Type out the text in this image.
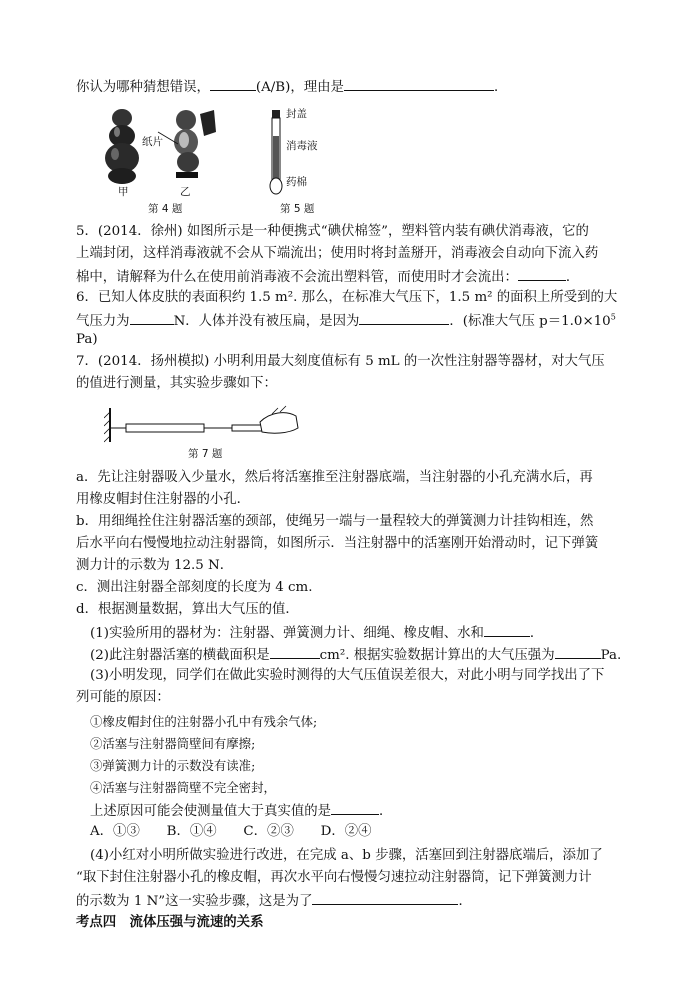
你认为哪种猜想错误，	(A/B)，理由是	．
纸片
甲	乙
第 4 题
封盖
消毒液
药棉
第 5 题
5．(2014．徐州) 如图所示是一种便携式“碘伏棉签”，塑料管内装有碘伏消毒液，它的
上端封闭，这样消毒液就不会从下端流出；使用时将封盖掰开，消毒液会自动向下流入药
棉中，请解释为什么在使用前消毒液不会流出塑料管，而使用时才会流出：	．
6．已知人体皮肤的表面积约 1.5 m². 那么，在标准大气压下，1.5 m² 的面积上所受到的大
气压力为	N．人体并没有被压扁，是因为	．(标准大气压 $p=1.0\times 10^5$
Pa)
7．(2014．扬州模拟) 小明利用最大刻度值标有 5 mL 的一次性注射器等器材，对大气压
的值进行测量，其实验步骤如下：
第 7 题
a．先让注射器吸入少量水，然后将活塞推至注射器底端，当注射器的小孔充满水后，再
用橡皮帽封住注射器的小孔．
b．用细绳拴住注射器活塞的颈部，使绳另一端与一量程较大的弹簧测力计挂钩相连，然
后水平向右慢慢地拉动注射器筒，如图所示．当注射器中的活塞刚开始滑动时，记下弹簧
测力计的示数为 12.5 N．
c．测出注射器全部刻度的长度为 4 cm.
d．根据测量数据，算出大气压的值．
(1)实验所用的器材为：注射器、弹簧测力计、细绳、橡皮帽、水和	．
(2)此注射器活塞的横截面积是	cm². 根据实验数据计算出的大气压强为	Pa.
(3)小明发现，同学们在做此实验时测得的大气压值误差很大，对此小明与同学找出了下
列可能的原因：
①橡皮帽封住的注射器小孔中有残余气体;
②活塞与注射器筒壁间有摩擦;
③弹簧测力计的示数没有读准;
④活塞与注射器筒壁不完全密封，
上述原因可能会使测量值大于真实值的是	．
A．①③　　B．①④　　C．②③　　D．②④
(4)小红对小明所做实验进行改进，在完成 a、b 步骤，活塞回到注射器底端后，添加了
“取下封住注射器小孔的橡皮帽，再次水平向右慢慢匀速拉动注射器筒，记下弹簧测力计
的示数为 1 N”这一实验步骤，这是为了	．
考点四　流体压强与流速的关系
